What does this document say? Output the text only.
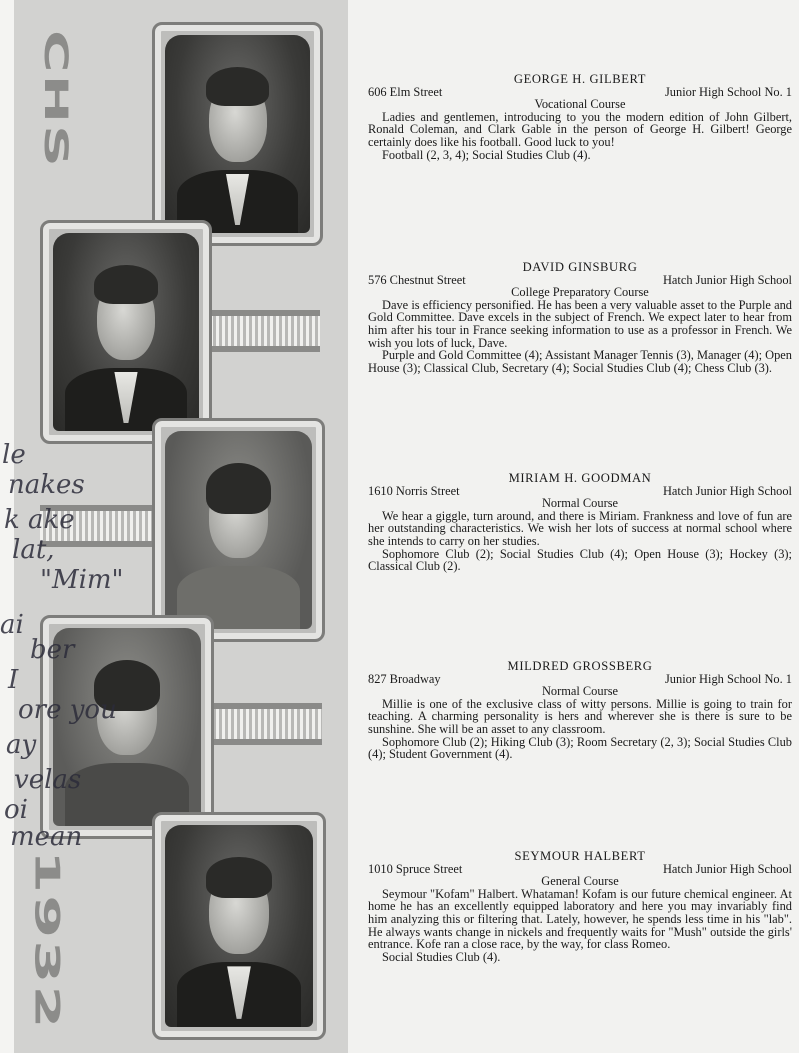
CHS
1932
le
nakes
k ake
lat,
"Mim"
ai
ber
I
ore you
ay
velas
oi
mean
GEORGE H. GILBERT
606 Elm Street	Junior High School No. 1
Vocational Course

Ladies and gentlemen, introducing to you the modern edition of John Gilbert, Ronald Coleman, and Clark Gable in the person of George H. Gilbert! George certainly does like his football. Good luck to you!

Football (2, 3, 4); Social Studies Club (4).

DAVID GINSBURG
576 Chestnut Street	Hatch Junior High School
College Preparatory Course

Dave is efficiency personified. He has been a very valuable asset to the Purple and Gold Committee. Dave excels in the subject of French. We expect later to hear from him after his tour in France seeking information to use as a professor in French. We wish you lots of luck, Dave.

Purple and Gold Committee (4); Assistant Manager Tennis (3), Manager (4); Open House (3); Classical Club, Secretary (4); Social Studies Club (4); Chess Club (3).

MIRIAM H. GOODMAN
1610 Norris Street	Hatch Junior High School
Normal Course

We hear a giggle, turn around, and there is Miriam. Frankness and love of fun are her outstanding characteristics. We wish her lots of success at normal school where she intends to carry on her studies.

Sophomore Club (2); Social Studies Club (4); Open House (3); Hockey (3); Classical Club (2).

MILDRED GROSSBERG
827 Broadway	Junior High School No. 1
Normal Course

Millie is one of the exclusive class of witty persons. Millie is going to train for teaching. A charming personality is hers and wherever she is there is sure to be sunshine. She will be an asset to any classroom.

Sophomore Club (2); Hiking Club (3); Room Secretary (2, 3); Social Studies Club (4); Student Government (4).

SEYMOUR HALBERT
1010 Spruce Street	Hatch Junior High School
General Course

Seymour "Kofam" Halbert. Whataman! Kofam is our future chemical engineer. At home he has an excellently equipped laboratory and here you may invariably find him analyzing this or filtering that. Lately, however, he spends less time in his "lab". He always wants change in nickels and frequently waits for "Mush" outside the girls' entrance. Kofe ran a close race, by the way, for class Romeo.

Social Studies Club (4).
